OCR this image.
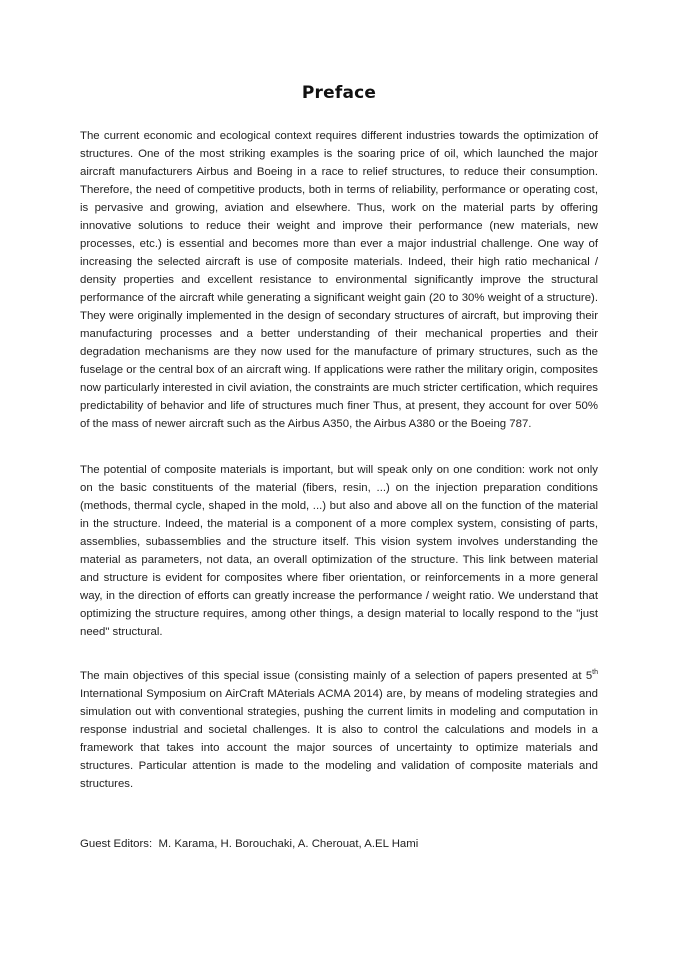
Preface

The current economic and ecological context requires different industries towards the optimization of structures. One of the most striking examples is the soaring price of oil, which launched the major aircraft manufacturers Airbus and Boeing in a race to relief structures, to reduce their consumption. Therefore, the need of competitive products, both in terms of reliability, performance or operating cost, is pervasive and growing, aviation and elsewhere. Thus, work on the material parts by offering innovative solutions to reduce their weight and improve their performance (new materials, new processes, etc.) is essential and becomes more than ever a major industrial challenge. One way of increasing the selected aircraft is use of composite materials. Indeed, their high ratio mechanical / density properties and excellent resistance to environmental significantly improve the structural performance of the aircraft while generating a significant weight gain (20 to 30% weight of a structure). They were originally implemented in the design of secondary structures of aircraft, but improving their manufacturing processes and a better understanding of their mechanical properties and their degradation mechanisms are they now used for the manufacture of primary structures, such as the fuselage or the central box of an aircraft wing. If applications were rather the military origin, composites now particularly interested in civil aviation, the constraints are much stricter certification, which requires predictability of behavior and life of structures much finer Thus, at present, they account for over 50% of the mass of newer aircraft such as the Airbus A350, the Airbus A380 or the Boeing 787.

The potential of composite materials is important, but will speak only on one condition: work not only on the basic constituents of the material (fibers, resin, ...) on the injection preparation conditions (methods, thermal cycle, shaped in the mold, ...) but also and above all on the function of the material in the structure. Indeed, the material is a component of a more complex system, consisting of parts, assemblies, subassemblies and the structure itself. This vision system involves understanding the material as parameters, not data, an overall optimization of the structure. This link between material and structure is evident for composites where fiber orientation, or reinforcements in a more general way, in the direction of efforts can greatly increase the performance / weight ratio. We understand that optimizing the structure requires, among other things, a design material to locally respond to the "just need" structural.

The main objectives of this special issue (consisting mainly of a selection of papers presented at 5th International Symposium on AirCraft MAterials ACMA 2014) are, by means of modeling strategies and simulation out with conventional strategies, pushing the current limits in modeling and computation in response industrial and societal challenges. It is also to control the calculations and models in a framework that takes into account the major sources of uncertainty to optimize materials and structures. Particular attention is made to the modeling and validation of composite materials and structures.

Guest Editors:  M. Karama, H. Borouchaki, A. Cherouat, A.EL Hami
